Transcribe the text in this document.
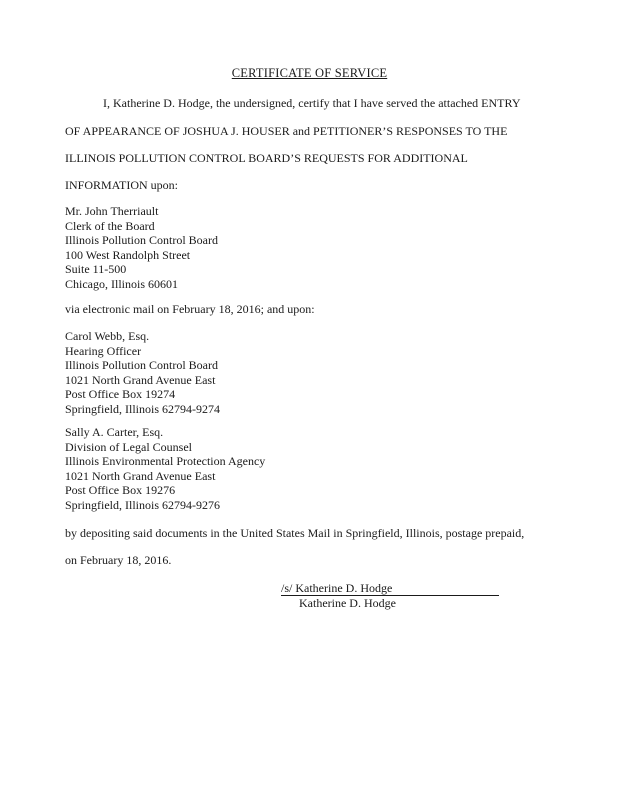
CERTIFICATE OF SERVICE
I, Katherine D. Hodge, the undersigned, certify that I have served the attached ENTRY
OF APPEARANCE OF JOSHUA J. HOUSER and PETITIONER’S RESPONSES TO THE
ILLINOIS POLLUTION CONTROL BOARD’S REQUESTS FOR ADDITIONAL
INFORMATION upon:
Mr. John Therriault
Clerk of the Board
Illinois Pollution Control Board
100 West Randolph Street
Suite 11-500
Chicago, Illinois 60601
via electronic mail on February 18, 2016; and upon:
Carol Webb, Esq.
Hearing Officer
Illinois Pollution Control Board
1021 North Grand Avenue East
Post Office Box 19274
Springfield, Illinois 62794-9274
Sally A. Carter, Esq.
Division of Legal Counsel
Illinois Environmental Protection Agency
1021 North Grand Avenue East
Post Office Box 19276
Springfield, Illinois 62794-9276
by depositing said documents in the United States Mail in Springfield, Illinois, postage prepaid,
on February 18, 2016.
/s/ Katherine D. Hodge
Katherine D. Hodge
